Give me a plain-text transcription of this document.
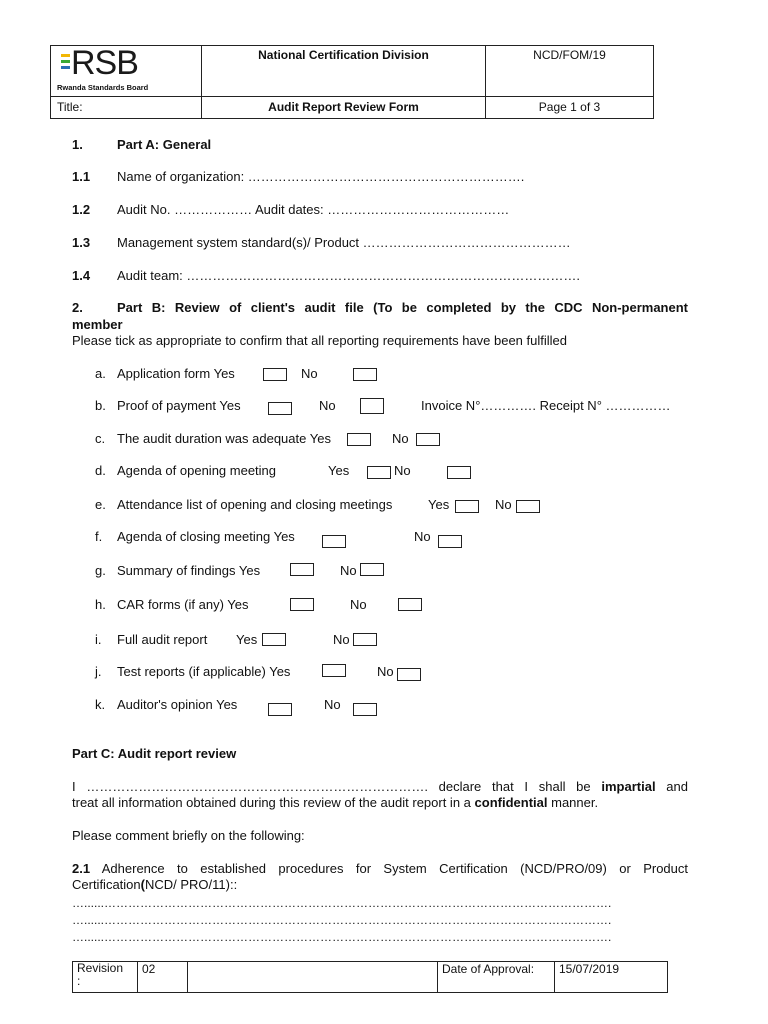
RSB
Rwanda Standards Board	National Certification Division	NCD/FOM/19
Title:	Audit Report Review Form	Page 1 of 3
1.	Part A: General
1.1 Name of organization: ……………………………………………………….
1.2 Audit No. ……………… Audit dates: ……………………………………
1.3 Management system standard(s)/ Product …………………………………………
1.4 Audit team: ……………………………………………………………………………….
2.	Part B: Review of client's audit file (To be completed by the CDC Non-permanent
member
Please tick as appropriate to confirm that all reporting requirements have been fulfilled
a. Application form Yes	No
b. Proof of payment Yes	No	Invoice N°…………. Receipt N° ……………
c. The audit duration was adequate Yes	No
d. Agenda of opening meeting	Yes	No
e. Attendance list of opening and closing meetings	Yes	No
f. Agenda of closing meeting Yes	No
g. Summary of findings Yes	No
h. CAR forms (if any) Yes	No
i. Full audit report Yes	No
j. Test reports (if applicable) Yes	No
k. Auditor's opinion Yes	No
Part C: Audit report review
I ……………………………………………………………………. declare that I shall be impartial and
treat all information obtained during this review of the audit report in a confidential manner.
Please comment briefly on the following:
2.1 Adherence to established procedures for System Certification (NCD/PRO/09) or Product
Certification(NCD/ PRO/11)::
…......……………………………………………………………………………………………………………….
…......……………………………………………………………………………………………………………….
…......……………………………………………………………………………………………………………….
Revision
:	02		Date of Approval:	15/07/2019
